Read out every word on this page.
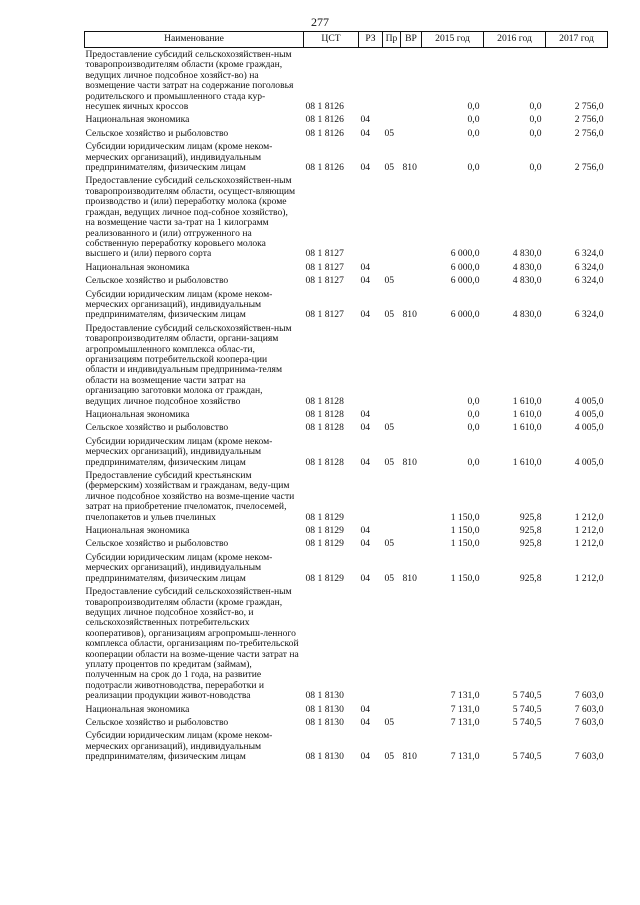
277
Наименование	ЦСТ	РЗ	Пр	ВР	2015 год	2016 год	2017 год
Предоставление субсидий сельскохозяйствен-ным товаропроизводителям области (кроме граждан, ведущих личное подсобное хозяйст-во) на возмещение части затрат на содержание поголовья родительского и промышленного стада кур-несушек яичных кроссов	08 1 8126				0,0	0,0	2 756,0
Национальная экономика	08 1 8126	04			0,0	0,0	2 756,0
Сельское хозяйство и рыболовство	08 1 8126	04	05		0,0	0,0	2 756,0
Субсидии юридическим лицам (кроме неком-мерческих организаций), индивидуальным предпринимателям, физическим лицам	08 1 8126	04	05	810	0,0	0,0	2 756,0
Предоставление субсидий сельскохозяйствен-ным товаропроизводителям области, осущест-вляющим производство и (или) переработку молока (кроме граждан, ведущих личное под-собное хозяйство), на возмещение части за-трат на 1 килограмм реализованного и (или) отгруженного на собственную переработку коровьего молока высшего и (или) первого сорта	08 1 8127				6 000,0	4 830,0	6 324,0
Национальная экономика	08 1 8127	04			6 000,0	4 830,0	6 324,0
Сельское хозяйство и рыболовство	08 1 8127	04	05		6 000,0	4 830,0	6 324,0
Субсидии юридическим лицам (кроме неком-мерческих организаций), индивидуальным предпринимателям, физическим лицам	08 1 8127	04	05	810	6 000,0	4 830,0	6 324,0
Предоставление субсидий сельскохозяйствен-ным товаропроизводителям области, органи-зациям агропромышленного комплекса облас-ти, организациям потребительской коопера-ции области и индивидуальным предпринима-телям области на возмещение части затрат на организацию заготовки молока от граждан, ведущих личное подсобное хозяйство	08 1 8128				0,0	1 610,0	4 005,0
Национальная экономика	08 1 8128	04			0,0	1 610,0	4 005,0
Сельское хозяйство и рыболовство	08 1 8128	04	05		0,0	1 610,0	4 005,0
Субсидии юридическим лицам (кроме неком-мерческих организаций), индивидуальным предпринимателям, физическим лицам	08 1 8128	04	05	810	0,0	1 610,0	4 005,0
Предоставление субсидий крестьянским (фермерским) хозяйствам и гражданам, веду-щим личное подсобное хозяйство на возме-щение части затрат на приобретение пчеломаток, пчелосемей, пчелопакетов и ульев пчелиных	08 1 8129				1 150,0	925,8	1 212,0
Национальная экономика	08 1 8129	04			1 150,0	925,8	1 212,0
Сельское хозяйство и рыболовство	08 1 8129	04	05		1 150,0	925,8	1 212,0
Субсидии юридическим лицам (кроме неком-мерческих организаций), индивидуальным предпринимателям, физическим лицам	08 1 8129	04	05	810	1 150,0	925,8	1 212,0
Предоставление субсидий сельскохозяйствен-ным товаропроизводителям области (кроме граждан, ведущих личное подсобное хозяйст-во, и сельскохозяйственных потребительских кооперативов), организациям агропромыш-ленного комплекса области, организациям по-требительской кооперации области на возме-щение части затрат на уплату процентов по кредитам (займам), полученным на срок до 1 года, на развитие подотрасли животноводства, переработки и реализации продукции живот-новодства	08 1 8130				7 131,0	5 740,5	7 603,0
Национальная экономика	08 1 8130	04			7 131,0	5 740,5	7 603,0
Сельское хозяйство и рыболовство	08 1 8130	04	05		7 131,0	5 740,5	7 603,0
Субсидии юридическим лицам (кроме неком-мерческих организаций), индивидуальным предпринимателям, физическим лицам	08 1 8130	04	05	810	7 131,0	5 740,5	7 603,0
